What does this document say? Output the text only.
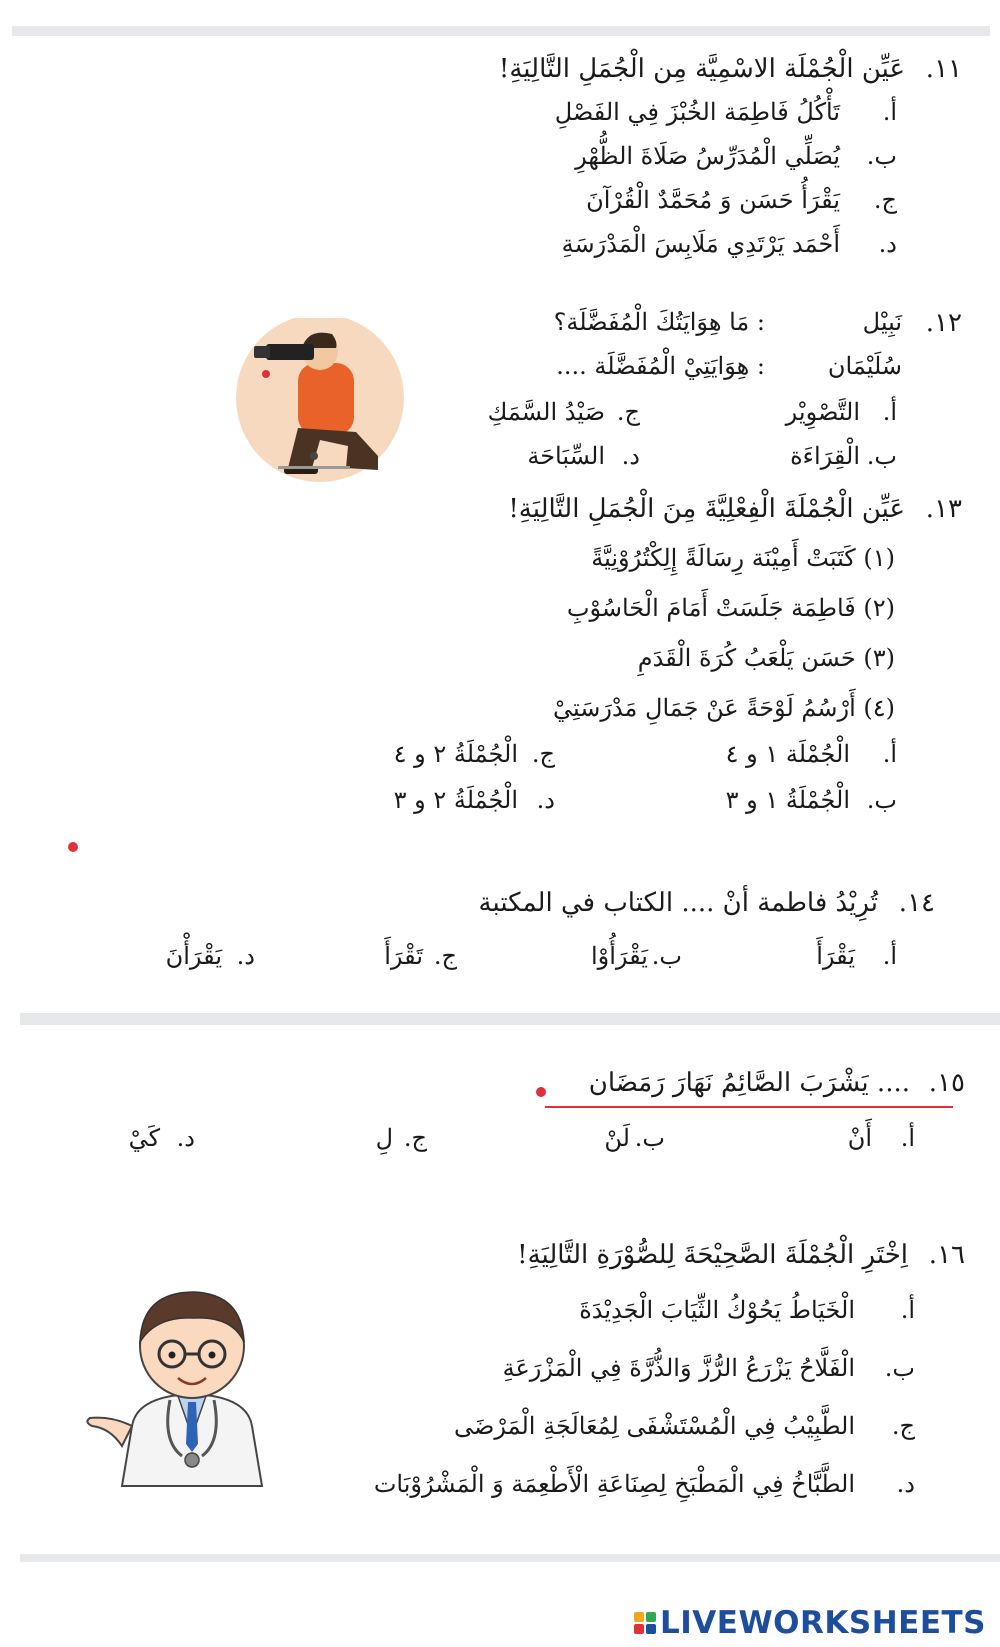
١١.
عَيِّن الْجُمْلَة الاسْمِيَّة مِن الْجُمَلِ التَّالِيَةِ!
أ.
تَأْكُلُ فَاطِمَة الخُبْزَ فِي الفَصْلِ
ب.
يُصَلِّي الْمُدَرِّسُ صَلَاةَ الظُّهْرِ
ج.
يَقْرَأُ حَسَن وَ مُحَمَّدٌ الْقُرْآنَ
د.
أَحْمَد يَرْتَدِي مَلَابِسَ الْمَدْرَسَةِ
١٢.
نَبِيْل
: مَا هِوَايَتُكَ الْمُفَضَّلَة؟
سُلَيْمَان
: هِوَايَتِيْ الْمُفَضَّلَة ....
أ.
التَّصْوِيْر
ج.
صَيْدُ السَّمَكِ
ب.
الْقِرَاءَة
د.
السِّبَاحَة
١٣.
عَيِّن الْجُمْلَةَ الْفِعْلِيَّةَ مِنَ الْجُمَلِ التَّالِيَةِ!
(١) كَتَبَتْ أَمِيْنَة رِسَالَةً إِلِكْتُرُوْنِيَّةً
(٢) فَاطِمَة جَلَسَتْ أَمَامَ الْحَاسُوْبِ
(٣) حَسَن يَلْعَبُ كُرَةَ الْقَدَمِ
(٤) أَرْسُمُ لَوْحَةً عَنْ جَمَالِ مَدْرَسَتِيْ
أ.
الْجُمْلَة ١ و ٤
ج.
الْجُمْلَةُ ٢ و ٤
ب.
الْجُمْلَةُ ١ و ٣
د.
الْجُمْلَةُ ٢ و ٣
١٤.
تُرِيْدُ فاطمة أنْ .... الكتاب في المكتبة
أ.
يَقْرَأَ
ب.
يَقْرَأُوْا
ج.
تَقْرَأَ
د.
يَقْرَأْنَ
١٥.
.... يَشْرَبَ الصَّائِمُ نَهَارَ رَمَضَان
أ.
أَنْ
ب.
لَنْ
ج.
لِ
د.
كَيْ
١٦.
اِخْتَرِ الْجُمْلَةَ الصَّحِيْحَةَ لِلصُّوْرَةِ التَّالِيَةِ!
أ.
الْخَيَاطُ يَحُوْكُ الثِّيَابَ الْجَدِيْدَةَ
ب.
الْفَلَّاحُ يَزْرَعُ الرُّزَّ وَالذُّرَّةَ فِي الْمَزْرَعَةِ
ج.
الطَّبِيْبُ فِي الْمُسْتَشْفَى لِمُعَالَجَةِ الْمَرْضَى
د.
الطَّبَّاخُ فِي الْمَطْبَخِ لِصِنَاعَةِ الْأَطْعِمَة وَ الْمَشْرُوْبَات
LIVEWORKSHEETS
